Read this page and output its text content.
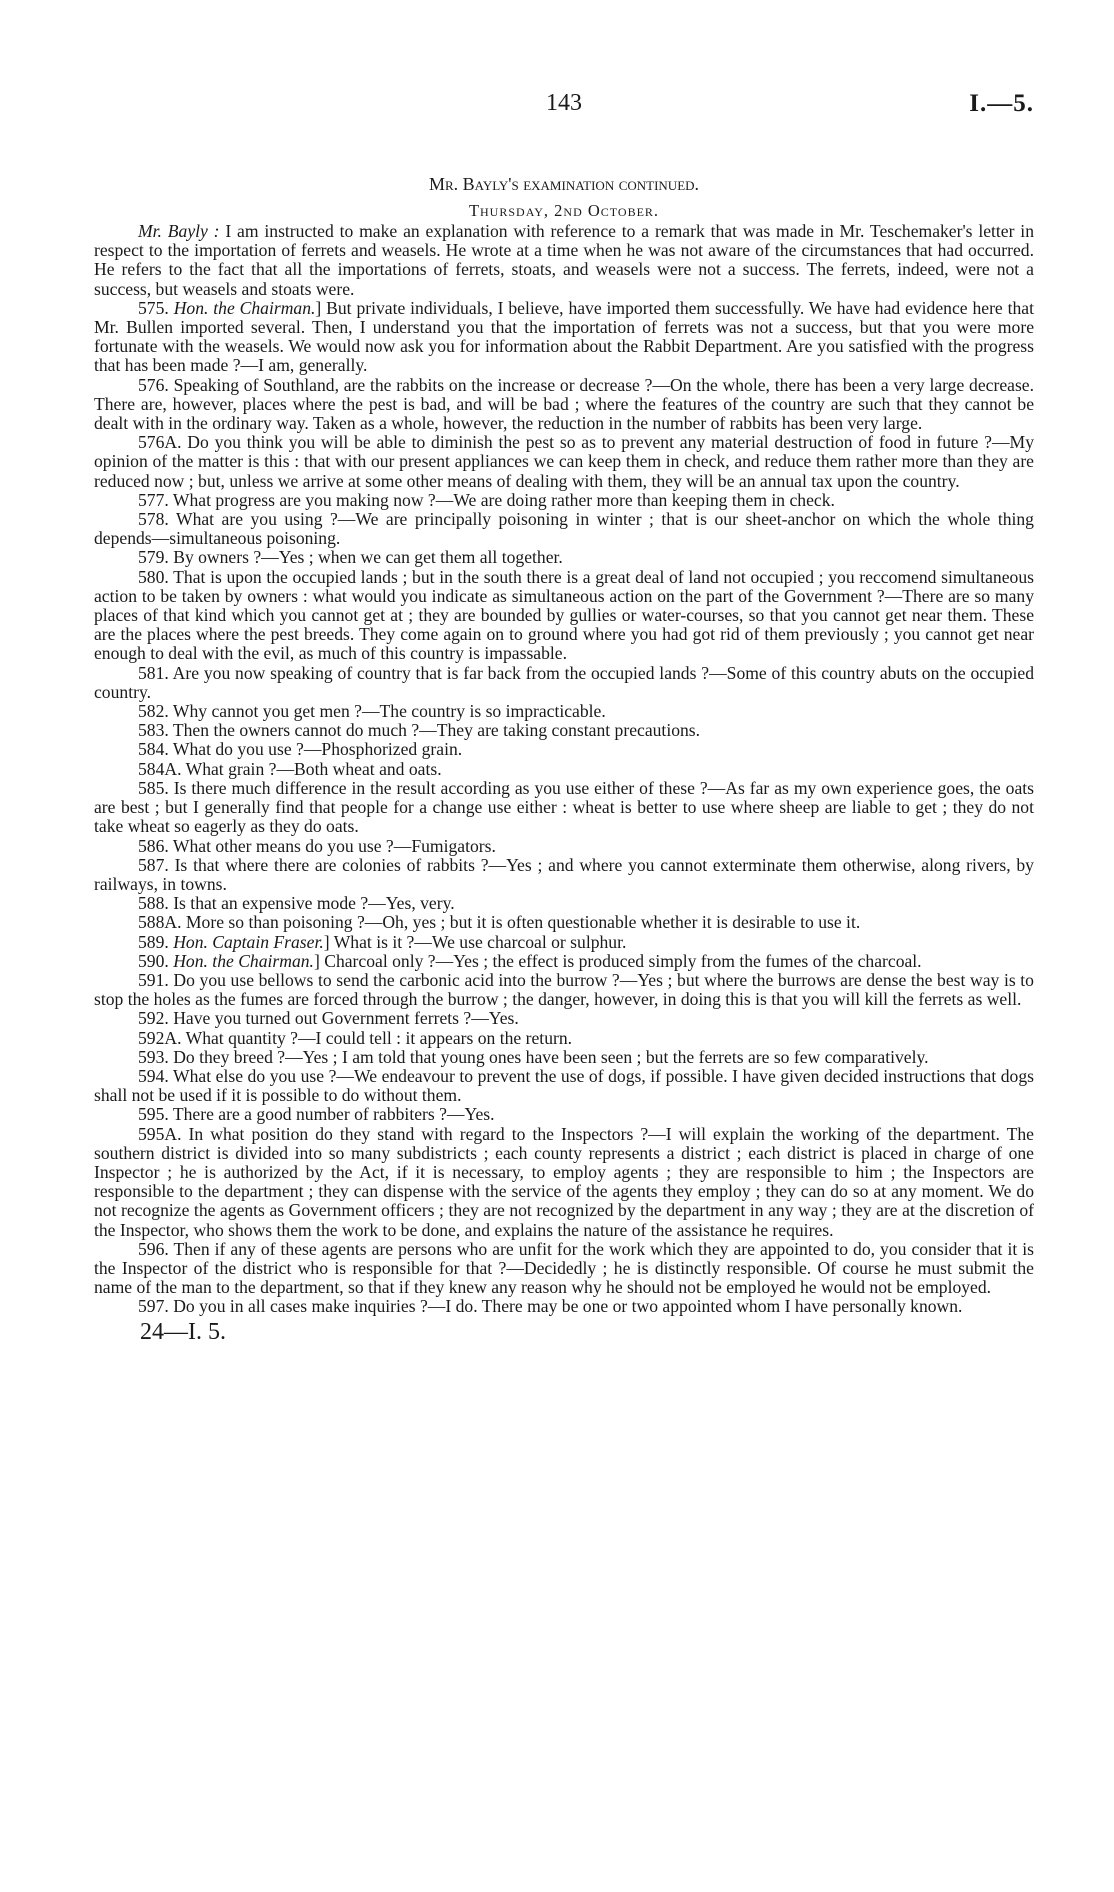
143	I.—5.
Mr. Bayly's examination continued.
Thursday, 2nd October.

Mr. Bayly : I am instructed to make an explanation with reference to a remark that was made in Mr. Teschemaker's letter in respect to the importation of ferrets and weasels. He wrote at a time when he was not aware of the circumstances that had occurred. He refers to the fact that all the importations of ferrets, stoats, and weasels were not a success. The ferrets, indeed, were not a success, but weasels and stoats were.

575. Hon. the Chairman.] But private individuals, I believe, have imported them successfully. We have had evidence here that Mr. Bullen imported several. Then, I understand you that the importation of ferrets was not a success, but that you were more fortunate with the weasels. We would now ask you for information about the Rabbit Department. Are you satisfied with the progress that has been made ?—I am, generally.

576. Speaking of Southland, are the rabbits on the increase or decrease ?—On the whole, there has been a very large decrease. There are, however, places where the pest is bad, and will be bad ; where the features of the country are such that they cannot be dealt with in the ordinary way. Taken as a whole, however, the reduction in the number of rabbits has been very large.

576A. Do you think you will be able to diminish the pest so as to prevent any material destruction of food in future ?—My opinion of the matter is this : that with our present appliances we can keep them in check, and reduce them rather more than they are reduced now ; but, unless we arrive at some other means of dealing with them, they will be an annual tax upon the country.

577. What progress are you making now ?—We are doing rather more than keeping them in check.

578. What are you using ?—We are principally poisoning in winter ; that is our sheet-anchor on which the whole thing depends—simultaneous poisoning.

579. By owners ?—Yes ; when we can get them all together.

580. That is upon the occupied lands ; but in the south there is a great deal of land not occupied ; you reccomend simultaneous action to be taken by owners : what would you indicate as simultaneous action on the part of the Government ?—There are so many places of that kind which you cannot get at ; they are bounded by gullies or water-courses, so that you cannot get near them. These are the places where the pest breeds. They come again on to ground where you had got rid of them previously ; you cannot get near enough to deal with the evil, as much of this country is impassable.

581. Are you now speaking of country that is far back from the occupied lands ?—Some of this country abuts on the occupied country.

582. Why cannot you get men ?—The country is so impracticable.

583. Then the owners cannot do much ?—They are taking constant precautions.

584. What do you use ?—Phosphorized grain.

584A. What grain ?—Both wheat and oats.

585. Is there much difference in the result according as you use either of these ?—As far as my own experience goes, the oats are best ; but I generally find that people for a change use either : wheat is better to use where sheep are liable to get ; they do not take wheat so eagerly as they do oats.

586. What other means do you use ?—Fumigators.

587. Is that where there are colonies of rabbits ?—Yes ; and where you cannot exterminate them otherwise, along rivers, by railways, in towns.

588. Is that an expensive mode ?—Yes, very.

588A. More so than poisoning ?—Oh, yes ; but it is often questionable whether it is desirable to use it.

589. Hon. Captain Fraser.] What is it ?—We use charcoal or sulphur.

590. Hon. the Chairman.] Charcoal only ?—Yes ; the effect is produced simply from the fumes of the charcoal.

591. Do you use bellows to send the carbonic acid into the burrow ?—Yes ; but where the burrows are dense the best way is to stop the holes as the fumes are forced through the burrow ; the danger, however, in doing this is that you will kill the ferrets as well.

592. Have you turned out Government ferrets ?—Yes.

592A. What quantity ?—I could tell : it appears on the return.

593. Do they breed ?—Yes ; I am told that young ones have been seen ; but the ferrets are so few comparatively.

594. What else do you use ?—We endeavour to prevent the use of dogs, if possible. I have given decided instructions that dogs shall not be used if it is possible to do without them.

595. There are a good number of rabbiters ?—Yes.

595A. In what position do they stand with regard to the Inspectors ?—I will explain the working of the department. The southern district is divided into so many subdistricts ; each county represents a district ; each district is placed in charge of one Inspector ; he is authorized by the Act, if it is necessary, to employ agents ; they are responsible to him ; the Inspectors are responsible to the department ; they can dispense with the service of the agents they employ ; they can do so at any moment. We do not recognize the agents as Government officers ; they are not recognized by the department in any way ; they are at the discretion of the Inspector, who shows them the work to be done, and explains the nature of the assistance he requires.

596. Then if any of these agents are persons who are unfit for the work which they are appointed to do, you consider that it is the Inspector of the district who is responsible for that ?—Decidedly ; he is distinctly responsible. Of course he must submit the name of the man to the department, so that if they knew any reason why he should not be employed he would not be employed.

597. Do you in all cases make inquiries ?—I do. There may be one or two appointed whom I have personally known.

24—I. 5.
